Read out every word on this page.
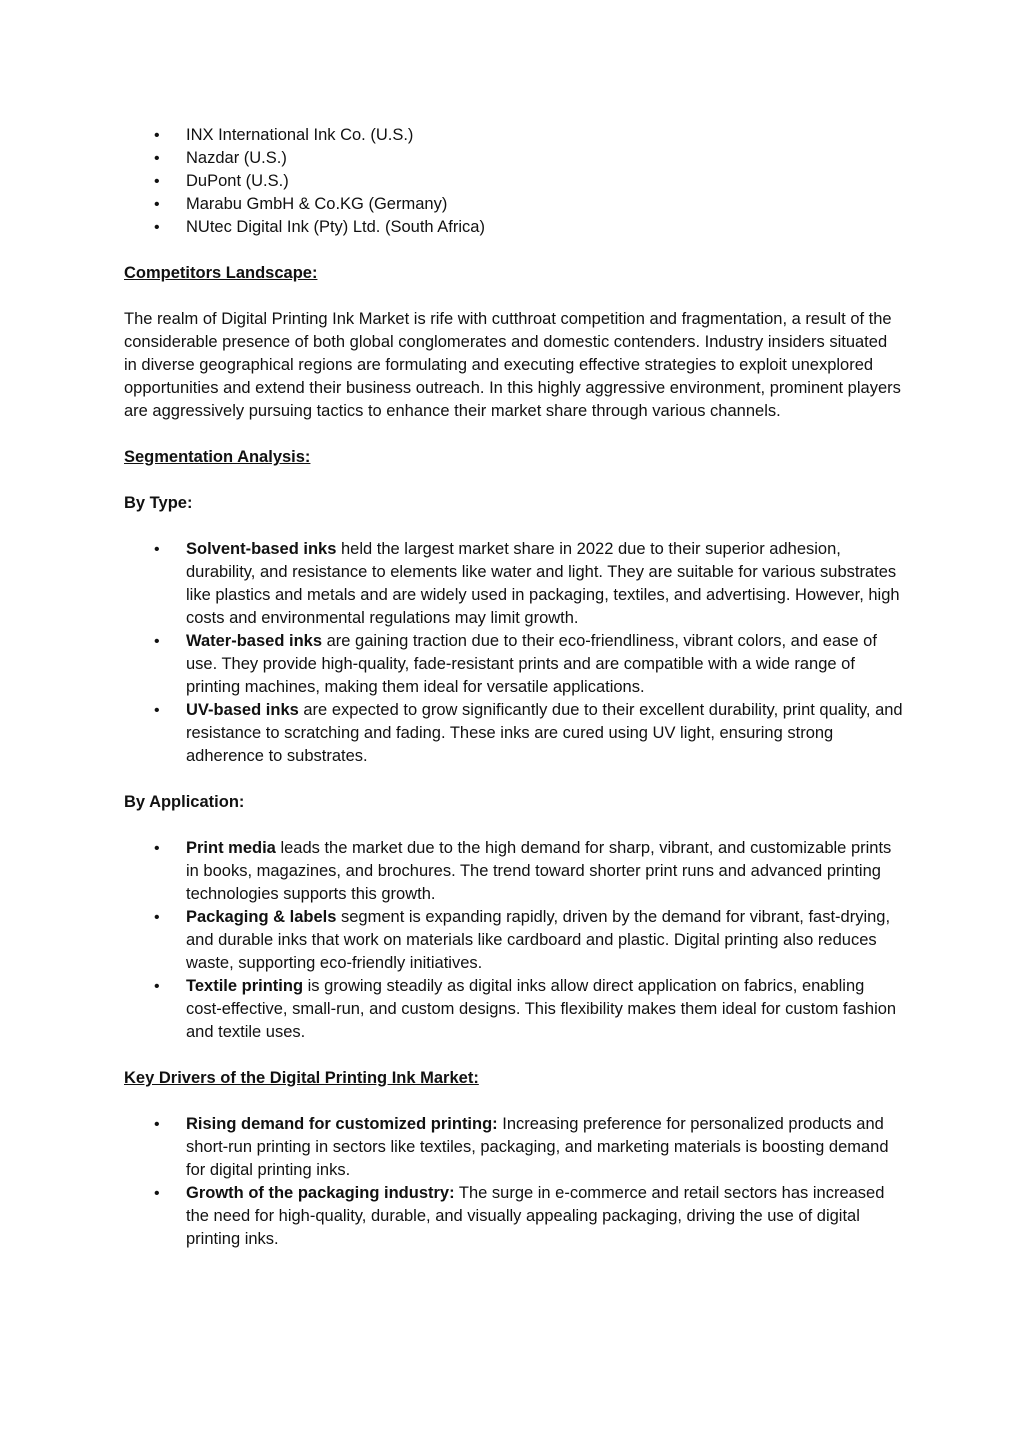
• INX International Ink Co. (U.S.)
• Nazdar (U.S.)
• DuPont (U.S.)
• Marabu GmbH & Co.KG (Germany)
• NUtec Digital Ink (Pty) Ltd. (South Africa)

Competitors Landscape:

The realm of Digital Printing Ink Market is rife with cutthroat competition and fragmentation, a result of the considerable presence of both global conglomerates and domestic contenders. Industry insiders situated in diverse geographical regions are formulating and executing effective strategies to exploit unexplored opportunities and extend their business outreach. In this highly aggressive environment, prominent players are aggressively pursuing tactics to enhance their market share through various channels.

Segmentation Analysis:

By Type:

• Solvent-based inks held the largest market share in 2022 due to their superior adhesion, durability, and resistance to elements like water and light. They are suitable for various substrates like plastics and metals and are widely used in packaging, textiles, and advertising. However, high costs and environmental regulations may limit growth.
• Water-based inks are gaining traction due to their eco-friendliness, vibrant colors, and ease of use. They provide high-quality, fade-resistant prints and are compatible with a wide range of printing machines, making them ideal for versatile applications.
• UV-based inks are expected to grow significantly due to their excellent durability, print quality, and resistance to scratching and fading. These inks are cured using UV light, ensuring strong adherence to substrates.

By Application:

• Print media leads the market due to the high demand for sharp, vibrant, and customizable prints in books, magazines, and brochures. The trend toward shorter print runs and advanced printing technologies supports this growth.
• Packaging & labels segment is expanding rapidly, driven by the demand for vibrant, fast-drying, and durable inks that work on materials like cardboard and plastic. Digital printing also reduces waste, supporting eco-friendly initiatives.
• Textile printing is growing steadily as digital inks allow direct application on fabrics, enabling cost-effective, small-run, and custom designs. This flexibility makes them ideal for custom fashion and textile uses.

Key Drivers of the Digital Printing Ink Market:

• Rising demand for customized printing: Increasing preference for personalized products and short-run printing in sectors like textiles, packaging, and marketing materials is boosting demand for digital printing inks.
• Growth of the packaging industry: The surge in e-commerce and retail sectors has increased the need for high-quality, durable, and visually appealing packaging, driving the use of digital printing inks.
